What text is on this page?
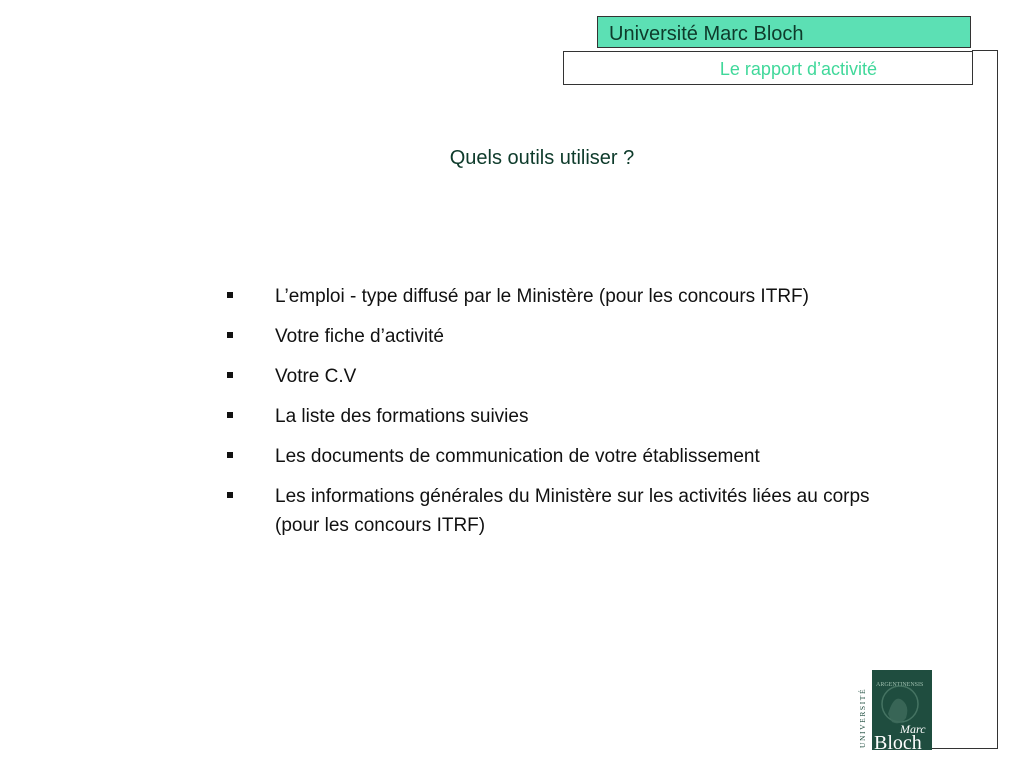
Université Marc Bloch
Le rapport d’activité
Quels outils utiliser ?
L’emploi - type diffusé par le Ministère (pour les concours ITRF)
Votre fiche d’activité
Votre C.V
La liste des formations suivies
Les documents de communication de votre établissement
Les informations générales du Ministère sur les activités liées au corps (pour les concours ITRF)
UNIVERSITÉ
ARGENTINENSIS
Marc
Bloch
